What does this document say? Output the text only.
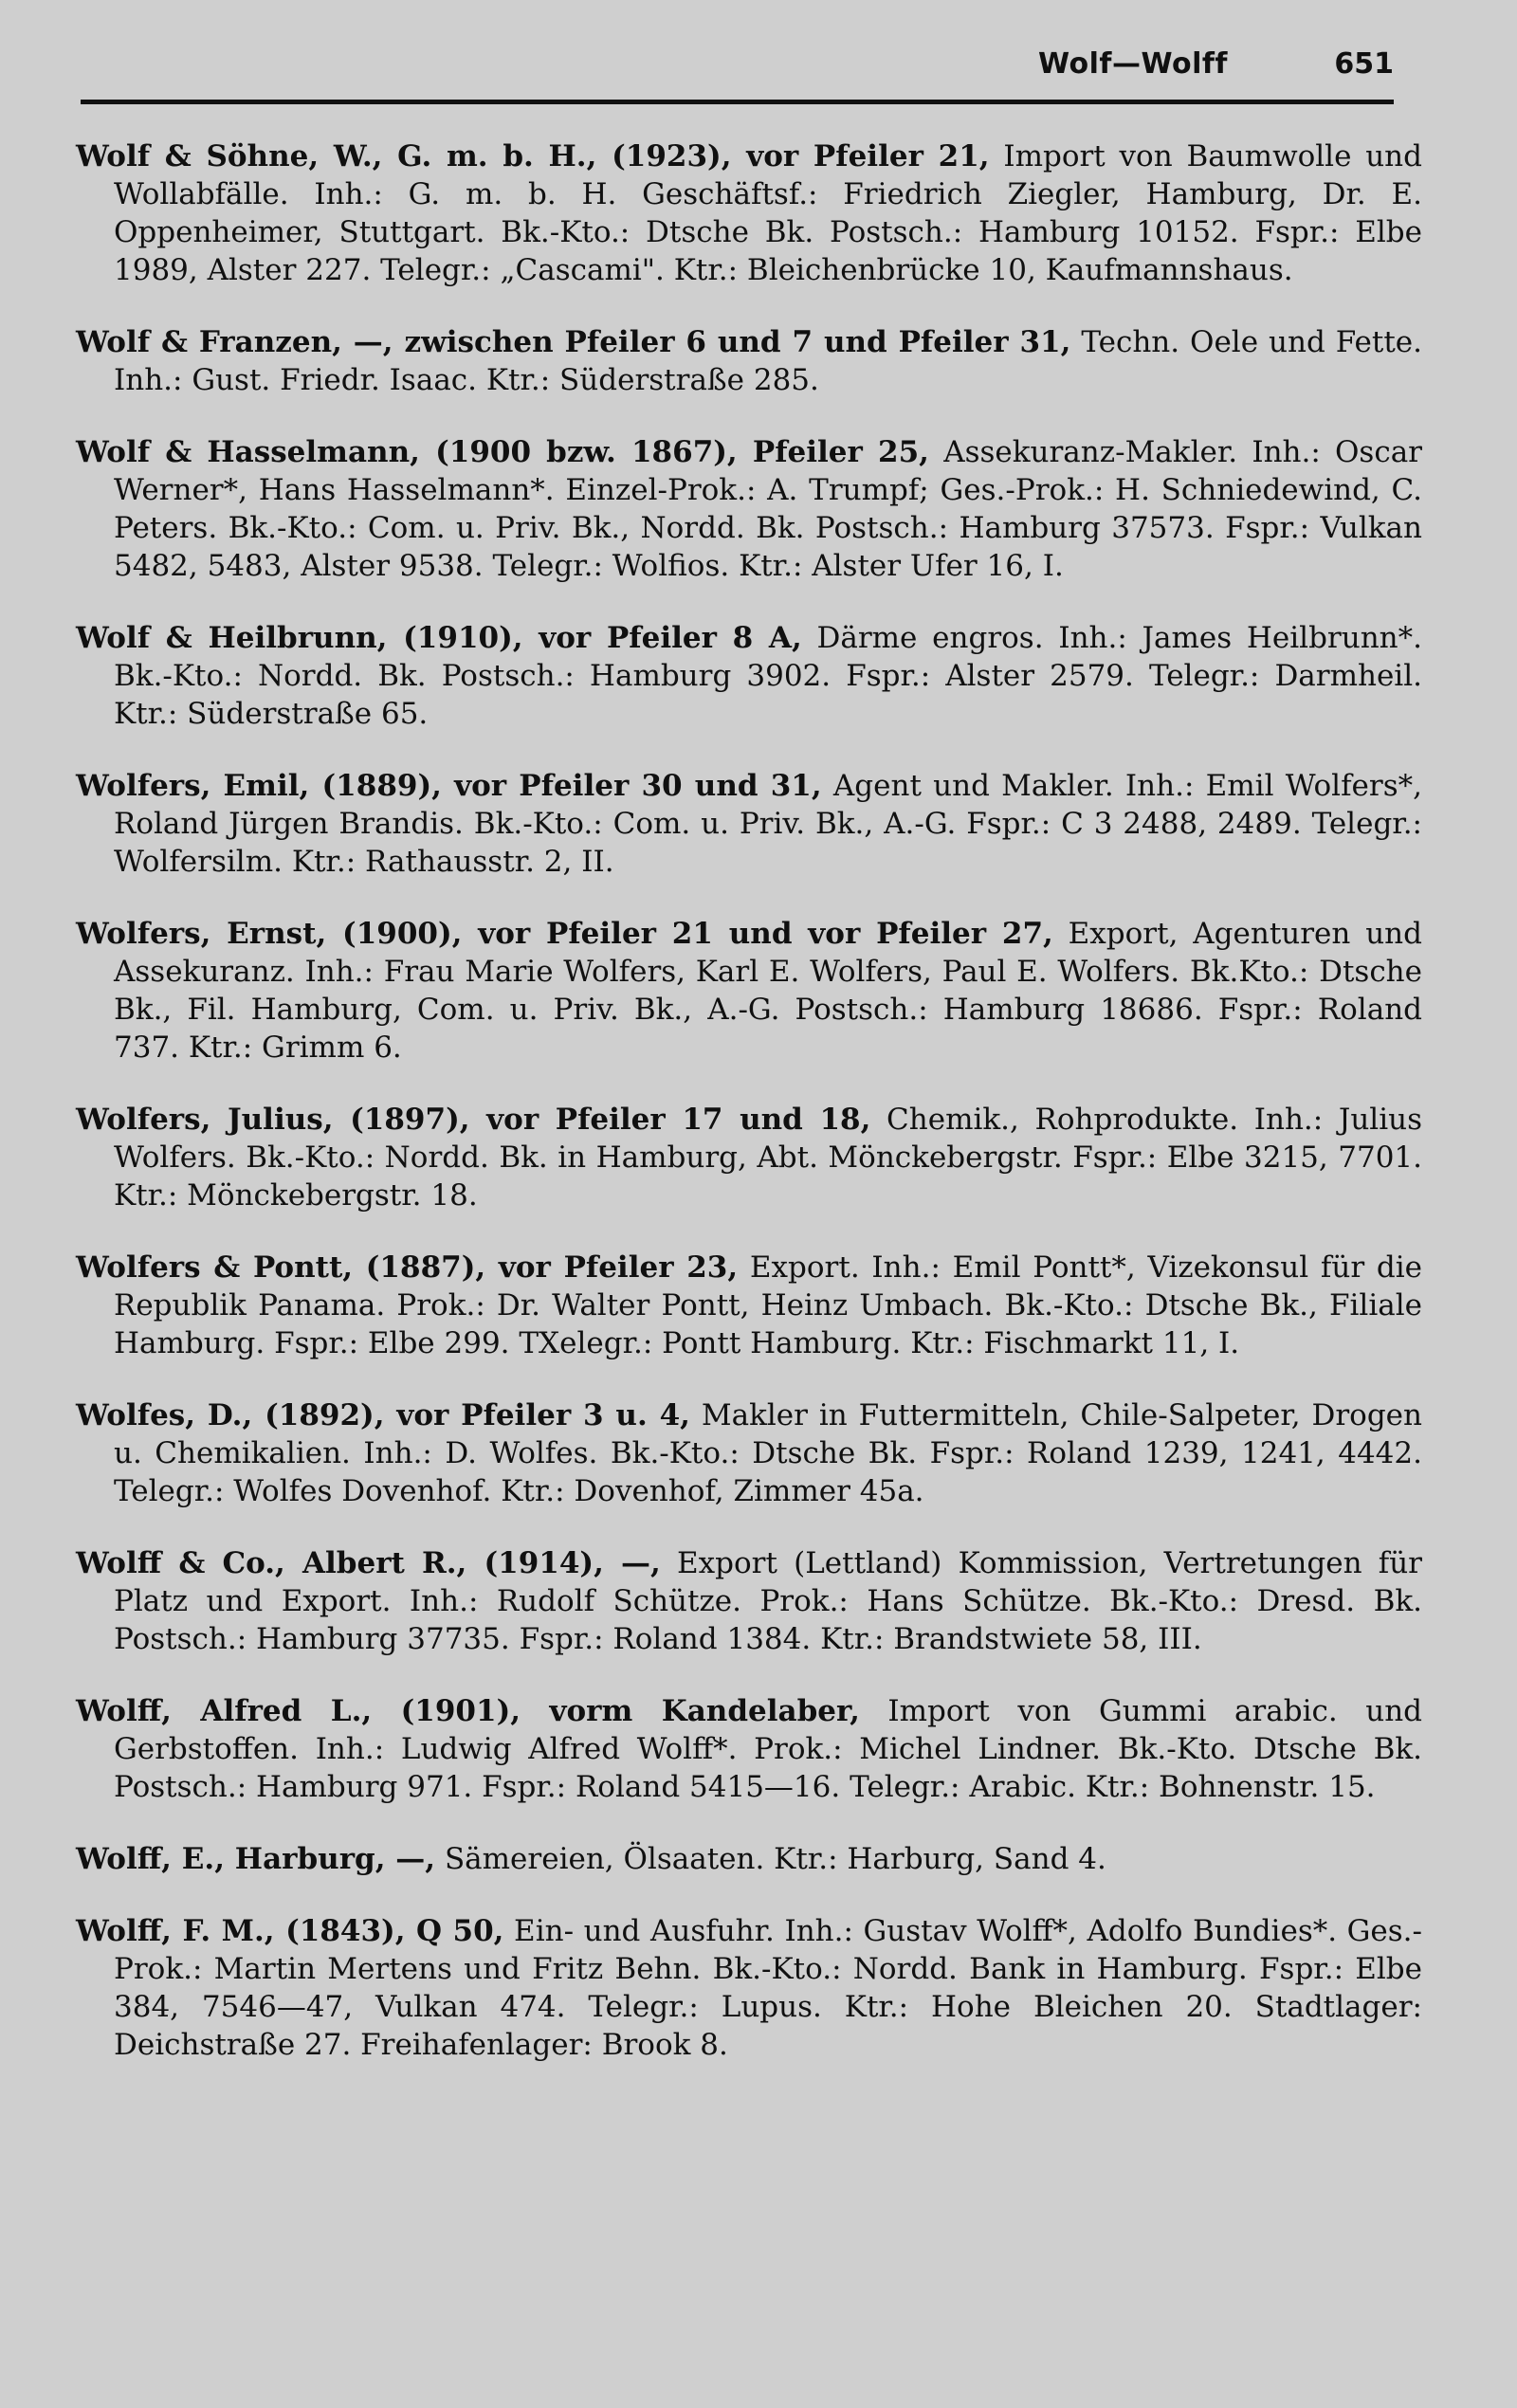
Wolf—Wolff	651

Wolf & Söhne, W., G. m. b. H., (1923), vor Pfeiler 21, Import von Baumwolle und Wollabfälle. Inh.: G. m. b. H. Geschäftsf.: Friedrich Ziegler, Hamburg, Dr. E. Oppenheimer, Stuttgart. Bk.-Kto.: Dtsche Bk. Postsch.: Hamburg 10152. Fspr.: Elbe 1989, Alster 227. Telegr.: „Cascami". Ktr.: Bleichenbrücke 10, Kaufmannshaus.

Wolf & Franzen, —, zwischen Pfeiler 6 und 7 und Pfeiler 31, Techn. Oele und Fette. Inh.: Gust. Friedr. Isaac. Ktr.: Süderstraße 285.

Wolf & Hasselmann, (1900 bzw. 1867), Pfeiler 25, Assekuranz-Makler. Inh.: Oscar Werner*, Hans Hasselmann*. Einzel-Prok.: A. Trumpf; Ges.-Prok.: H. Schniedewind, C. Peters. Bk.-Kto.: Com. u. Priv. Bk., Nordd. Bk. Postsch.: Hamburg 37573. Fspr.: Vulkan 5482, 5483, Alster 9538. Telegr.: Wolfios. Ktr.: Alster Ufer 16, I.

Wolf & Heilbrunn, (1910), vor Pfeiler 8 A, Därme engros. Inh.: James Heilbrunn*. Bk.-Kto.: Nordd. Bk. Postsch.: Hamburg 3902. Fspr.: Alster 2579. Telegr.: Darmheil. Ktr.: Süderstraße 65.

Wolfers, Emil, (1889), vor Pfeiler 30 und 31, Agent und Makler. Inh.: Emil Wolfers*, Roland Jürgen Brandis. Bk.-Kto.: Com. u. Priv. Bk., A.-G. Fspr.: C 3 2488, 2489. Telegr.: Wolfersilm. Ktr.: Rathausstr. 2, II.

Wolfers, Ernst, (1900), vor Pfeiler 21 und vor Pfeiler 27, Export, Agenturen und Assekuranz. Inh.: Frau Marie Wolfers, Karl E. Wolfers, Paul E. Wolfers. Bk.Kto.: Dtsche Bk., Fil. Hamburg, Com. u. Priv. Bk., A.-G. Postsch.: Hamburg 18686. Fspr.: Roland 737. Ktr.: Grimm 6.

Wolfers, Julius, (1897), vor Pfeiler 17 und 18, Chemik., Rohprodukte. Inh.: Julius Wolfers. Bk.-Kto.: Nordd. Bk. in Hamburg, Abt. Mönckebergstr. Fspr.: Elbe 3215, 7701. Ktr.: Mönckebergstr. 18.

Wolfers & Pontt, (1887), vor Pfeiler 23, Export. Inh.: Emil Pontt*, Vizekonsul für die Republik Panama. Prok.: Dr. Walter Pontt, Heinz Umbach. Bk.-Kto.: Dtsche Bk., Filiale Hamburg. Fspr.: Elbe 299. TXelegr.: Pontt Hamburg. Ktr.: Fischmarkt 11, I.

Wolfes, D., (1892), vor Pfeiler 3 u. 4, Makler in Futtermitteln, Chile-Salpeter, Drogen u. Chemikalien. Inh.: D. Wolfes. Bk.-Kto.: Dtsche Bk. Fspr.: Roland 1239, 1241, 4442. Telegr.: Wolfes Dovenhof. Ktr.: Dovenhof, Zimmer 45a.

Wolff & Co., Albert R., (1914), —, Export (Lettland) Kommission, Vertretungen für Platz und Export. Inh.: Rudolf Schütze. Prok.: Hans Schütze. Bk.-Kto.: Dresd. Bk. Postsch.: Hamburg 37735. Fspr.: Roland 1384. Ktr.: Brandstwiete 58, III.

Wolff, Alfred L., (1901), vorm Kandelaber, Import von Gummi arabic. und Gerbstoffen. Inh.: Ludwig Alfred Wolff*. Prok.: Michel Lindner. Bk.-Kto. Dtsche Bk. Postsch.: Hamburg 971. Fspr.: Roland 5415—16. Telegr.: Arabic. Ktr.: Bohnenstr. 15.

Wolff, E., Harburg, —, Sämereien, Ölsaaten. Ktr.: Harburg, Sand 4.

Wolff, F. M., (1843), Q 50, Ein- und Ausfuhr. Inh.: Gustav Wolff*, Adolfo Bundies*. Ges.-Prok.: Martin Mertens und Fritz Behn. Bk.-Kto.: Nordd. Bank in Hamburg. Fspr.: Elbe 384, 7546—47, Vulkan 474. Telegr.: Lupus. Ktr.: Hohe Bleichen 20. Stadtlager: Deichstraße 27. Freihafenlager: Brook 8.
